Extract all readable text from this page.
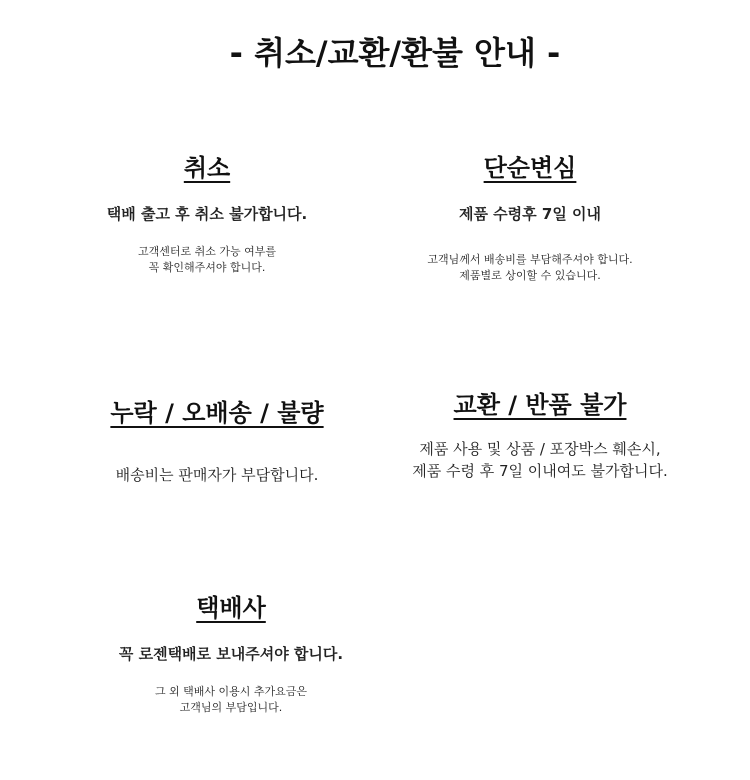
- 취소/교환/환불 안내 -
취소
택배 출고 후 취소 불가합니다.
고객센터로 취소 가능 여부를
꼭 확인해주셔야 합니다.
단순변심
제품 수령후 7일 이내
고객님께서 배송비를 부담해주셔야 합니다.
제품별로 상이할 수 있습니다.
누락 / 오배송 / 불량
배송비는 판매자가 부담합니다.
교환 / 반품 불가
제품 사용 및 상품 / 포장박스 훼손시,
제품 수령 후 7일 이내여도 불가합니다.
택배사
꼭 로젠택배로 보내주셔야 합니다.
그 외 택배사 이용시 추가요금은
고객님의 부담입니다.
